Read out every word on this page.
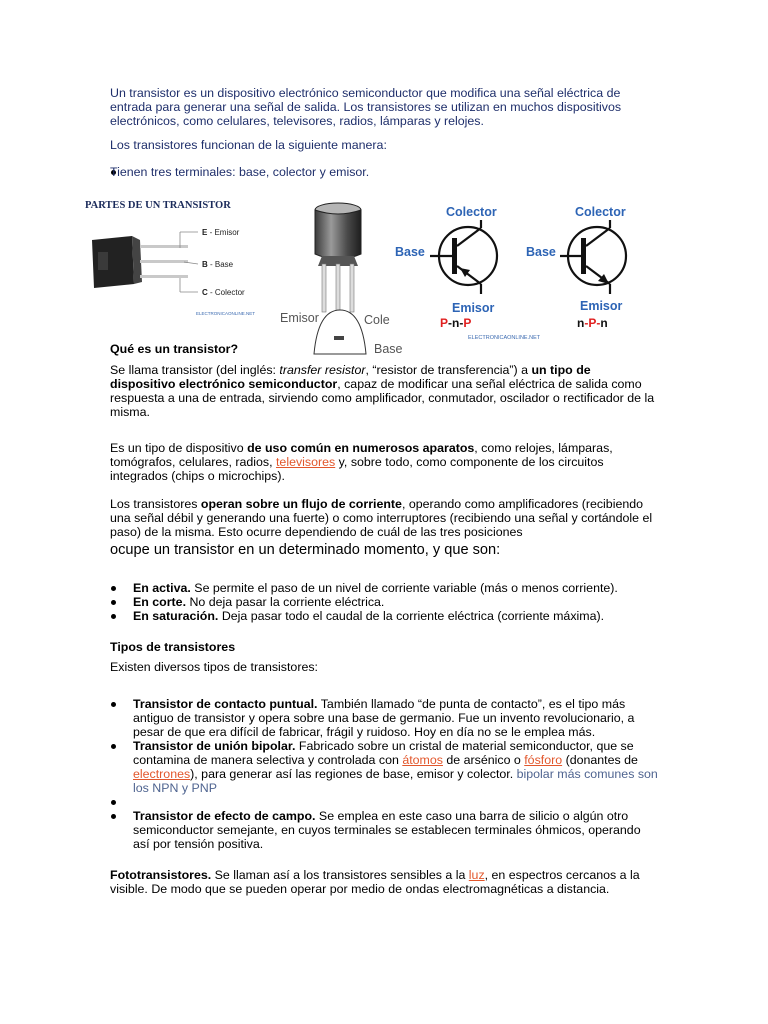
Un transistor es un dispositivo electrónico semiconductor que modifica una señal eléctrica de entrada para generar una señal de salida. Los transistores se utilizan en muchos dispositivos electrónicos, como celulares, televisores, radios, lámparas y relojes.
Los transistores funcionan de la siguiente manera:
Tienen tres terminales: base, colector y emisor.
PARTES DE UN TRANSISTOR
E - Emisor
B - Base
C - Colector
ELECTRONICAONLINE.NET Emisor	Cole
Base
Colector
Base
Emisor
P-n-P
Colector
Base
Emisor
n-P-n
ELECTRONICAONLINE.NET
Qué es un transistor?
Se llama transistor (del inglés: transfer resistor, “resistor de transferencia”) a un tipo de dispositivo electrónico semiconductor, capaz de modificar una señal eléctrica de salida como respuesta a una de entrada, sirviendo como amplificador, conmutador, oscilador o rectificador de la misma.
Es un tipo de dispositivo de uso común en numerosos aparatos, como relojes, lámparas, tomógrafos, celulares, radios, televisores y, sobre todo, como componente de los circuitos integrados (chips o microchips).
Los transistores operan sobre un flujo de corriente, operando como amplificadores (recibiendo una señal débil y generando una fuerte) o como interruptores (recibiendo una señal y cortándole el paso) de la misma. Esto ocurre dependiendo de cuál de las tres posiciones
ocupe un transistor en un determinado momento, y que son:
En activa. Se permite el paso de un nivel de corriente variable (más o menos corriente).
En corte. No deja pasar la corriente eléctrica.
En saturación. Deja pasar todo el caudal de la corriente eléctrica (corriente máxima).
Tipos de transistores
Existen diversos tipos de transistores:
Transistor de contacto puntual. También llamado “de punta de contacto”, es el tipo más antiguo de transistor y opera sobre una base de germanio. Fue un invento revolucionario, a pesar de que era difícil de fabricar, frágil y ruidoso. Hoy en día no se le emplea más.
Transistor de unión bipolar. Fabricado sobre un cristal de material semiconductor, que se contamina de manera selectiva y controlada con átomos de arsénico o fósforo (donantes de electrones), para generar así las regiones de base, emisor y colector. bipolar más comunes son los NPN y PNP
Transistor de efecto de campo. Se emplea en este caso una barra de silicio o algún otro semiconductor semejante, en cuyos terminales se establecen terminales óhmicos, operando así por tensión positiva.
Fototransistores. Se llaman así a los transistores sensibles a la luz, en espectros cercanos a la visible. De modo que se pueden operar por medio de ondas electromagnéticas a distancia.
